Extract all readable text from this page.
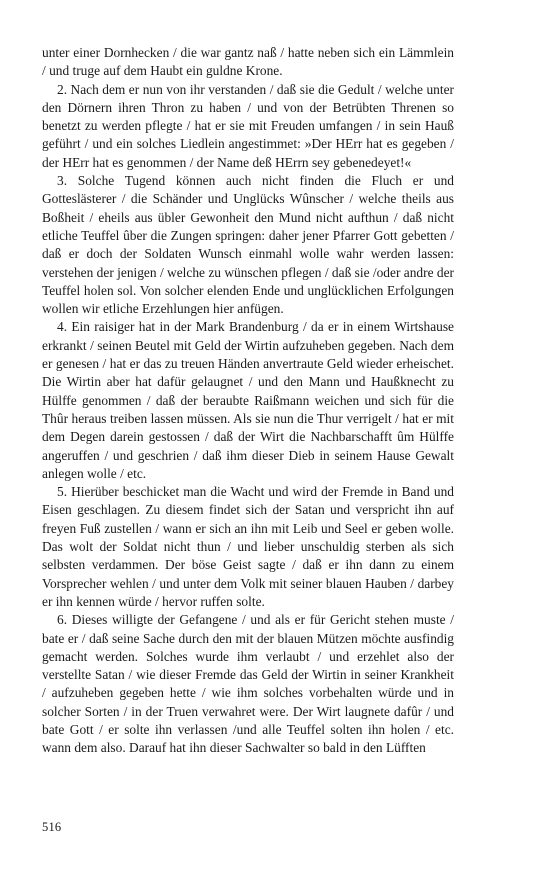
unter einer Dornhecken / die war gantz naß / hatte neben sich ein Lämmlein / und truge auf dem Haubt ein guldne Krone.

2. Nach dem er nun von ihr verstanden / daß sie die Gedult / welche unter den Dörnern ihren Thron zu haben / und von der Betrübten Threnen so benetzt zu werden pflegte / hat er sie mit Freuden umfangen / in sein Hauß geführt / und ein solches Liedlein angestimmet: »Der HErr hat es gegeben / der HErr hat es genommen / der Name deß HErrn sey gebenedeyet!«

3. Solche Tugend können auch nicht finden die Fluch er und Gotteslästerer / die Schänder und Unglücks Wûnscher / welche theils aus Boßheit / eheils aus übler Gewonheit den Mund nicht aufthun / daß nicht etliche Teuffel ûber die Zungen springen: daher jener Pfarrer Gott gebetten / daß er doch der Soldaten Wunsch einmahl wolle wahr werden lassen: verstehen der jenigen / welche zu wünschen pflegen / daß sie /oder andre der Teuffel holen sol. Von solcher elenden Ende und unglücklichen Erfolgungen wollen wir etliche Erzehlungen hier anfügen.

4. Ein raisiger hat in der Mark Brandenburg / da er in einem Wirtshause erkrankt / seinen Beutel mit Geld der Wirtin aufzuheben gegeben. Nach dem er genesen / hat er das zu treuen Händen anvertraute Geld wieder erheischet. Die Wirtin aber hat dafür gelaugnet / und den Mann und Haußknecht zu Hülffe genommen / daß der beraubte Raißmann weichen und sich für die Thûr heraus treiben lassen müssen. Als sie nun die Thur verrigelt / hat er mit dem Degen darein gestossen / daß der Wirt die Nachbarschafft ûm Hülffe angeruffen / und geschrien / daß ihm dieser Dieb in seinem Hause Gewalt anlegen wolle / etc.

5. Hierüber beschicket man die Wacht und wird der Fremde in Band und Eisen geschlagen. Zu diesem findet sich der Satan und verspricht ihn auf freyen Fuß zustellen / wann er sich an ihn mit Leib und Seel er geben wolle. Das wolt der Soldat nicht thun / und lieber unschuldig sterben als sich selbsten verdammen. Der böse Geist sagte / daß er ihn dann zu einem Vorsprecher wehlen / und unter dem Volk mit seiner blauen Hauben / darbey er ihn kennen würde / hervor ruffen solte.

6. Dieses willigte der Gefangene / und als er für Gericht stehen muste / bate er / daß seine Sache durch den mit der blauen Mützen möchte ausfindig gemacht werden. Solches wurde ihm verlaubt / und erzehlet also der verstellte Satan / wie dieser Fremde das Geld der Wirtin in seiner Krankheit / aufzuheben gegeben hette / wie ihm solches vorbehalten würde und in solcher Sorten / in der Truen verwahret were. Der Wirt laugnete dafûr / und bate Gott / er solte ihn verlassen /und alle Teuffel solten ihn holen / etc. wann dem also. Darauf hat ihn dieser Sachwalter so bald in den Lüfften

516
